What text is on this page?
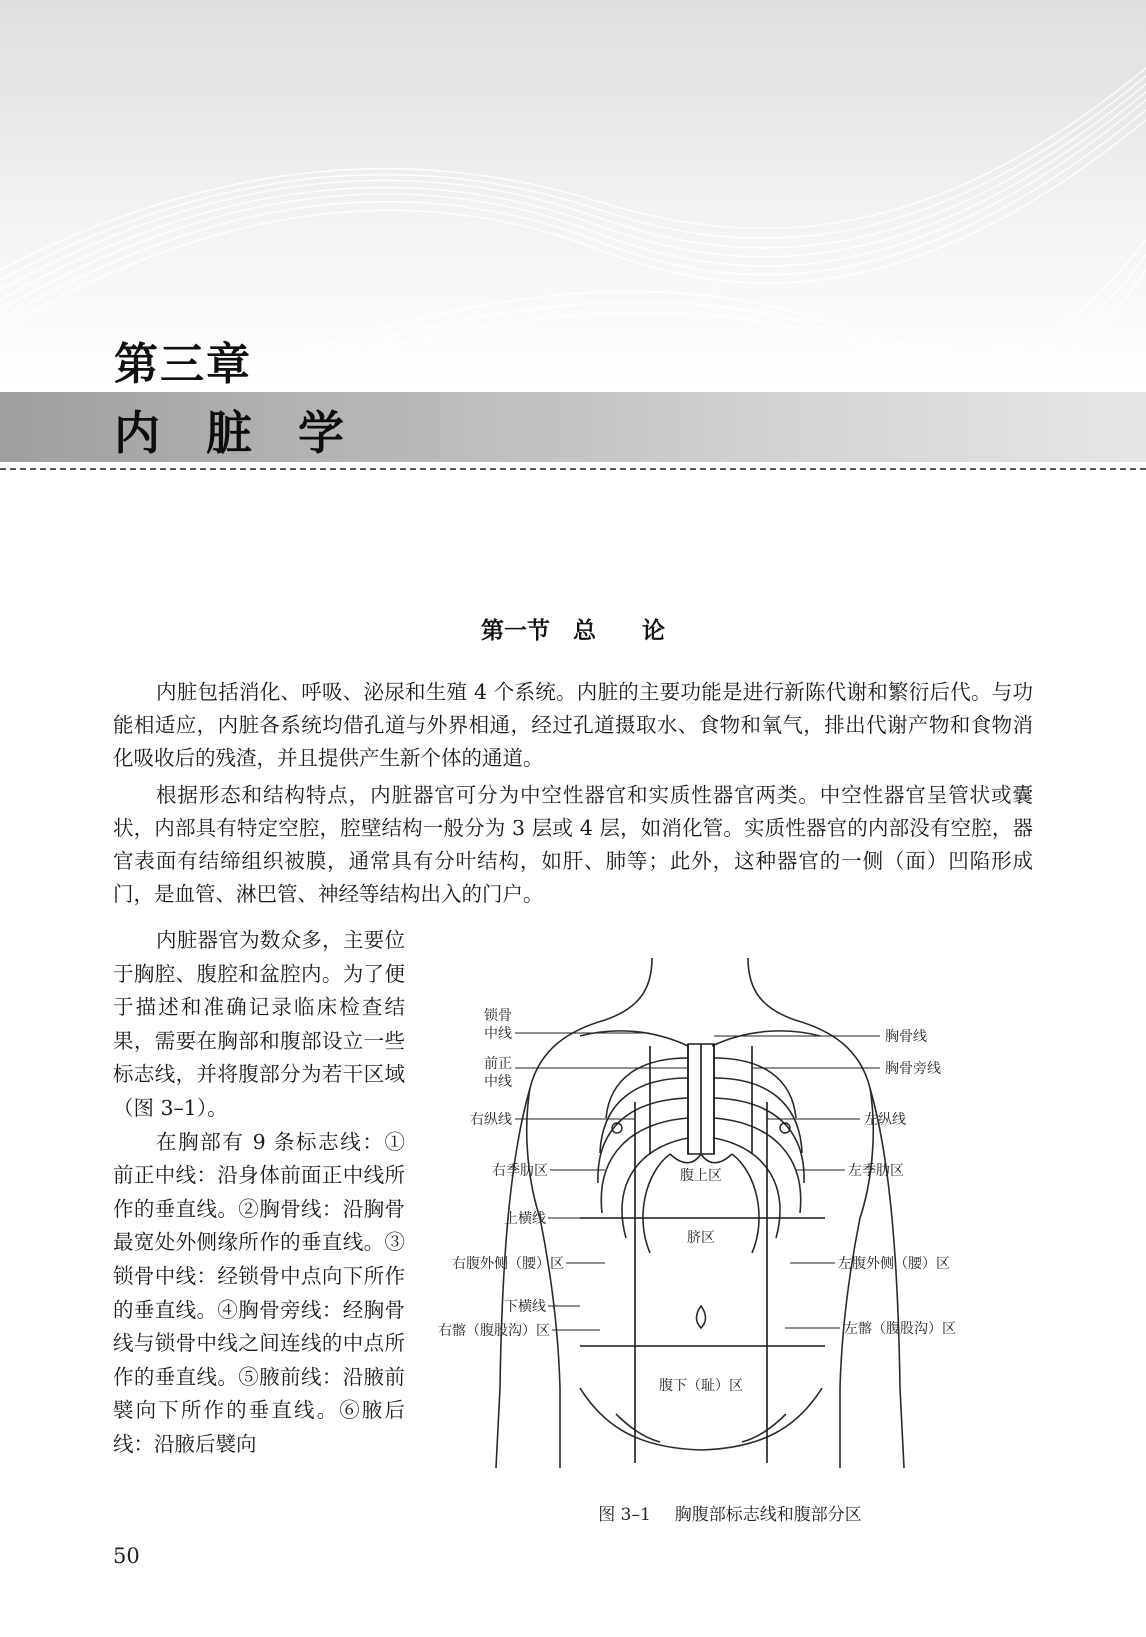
第三章
内脏学
第一节　总　　论

内脏包括消化、呼吸、泌尿和生殖 4 个系统。内脏的主要功能是进行新陈代谢和繁衍后代。与功能相适应，内脏各系统均借孔道与外界相通，经过孔道摄取水、食物和氧气，排出代谢产物和食物消化吸收后的残渣，并且提供产生新个体的通道。

根据形态和结构特点，内脏器官可分为中空性器官和实质性器官两类。中空性器官呈管状或囊状，内部具有特定空腔，腔壁结构一般分为 3 层或 4 层，如消化管。实质性器官的内部没有空腔，器官表面有结缔组织被膜，通常具有分叶结构，如肝、肺等；此外，这种器官的一侧（面）凹陷形成门，是血管、淋巴管、神经等结构出入的门户。

内脏器官为数众多，主要位于胸腔、腹腔和盆腔内。为了便于描述和准确记录临床检查结果，需要在胸部和腹部设立一些标志线，并将腹部分为若干区域（图 3–1）。

在胸部有 9 条标志线：①前正中线：沿身体前面正中线所作的垂直线。②胸骨线：沿胸骨最宽处外侧缘所作的垂直线。③锁骨中线：经锁骨中点向下所作的垂直线。④胸骨旁线：经胸骨线与锁骨中线之间连线的中点所作的垂直线。⑤腋前线：沿腋前襞向下所作的垂直线。⑥腋后线：沿腋后襞向

锁骨
中线
前正
中线
右纵线
右季肋区
上横线
右腹外侧（腰）区
下横线
右髂（腹股沟）区
胸骨线
胸骨旁线
左纵线
左季肋区
左腹外侧（腰）区
左髂（腹股沟）区
腹上区
脐区
腹下（耻）区
图 3–1 胸腹部标志线和腹部分区
50
